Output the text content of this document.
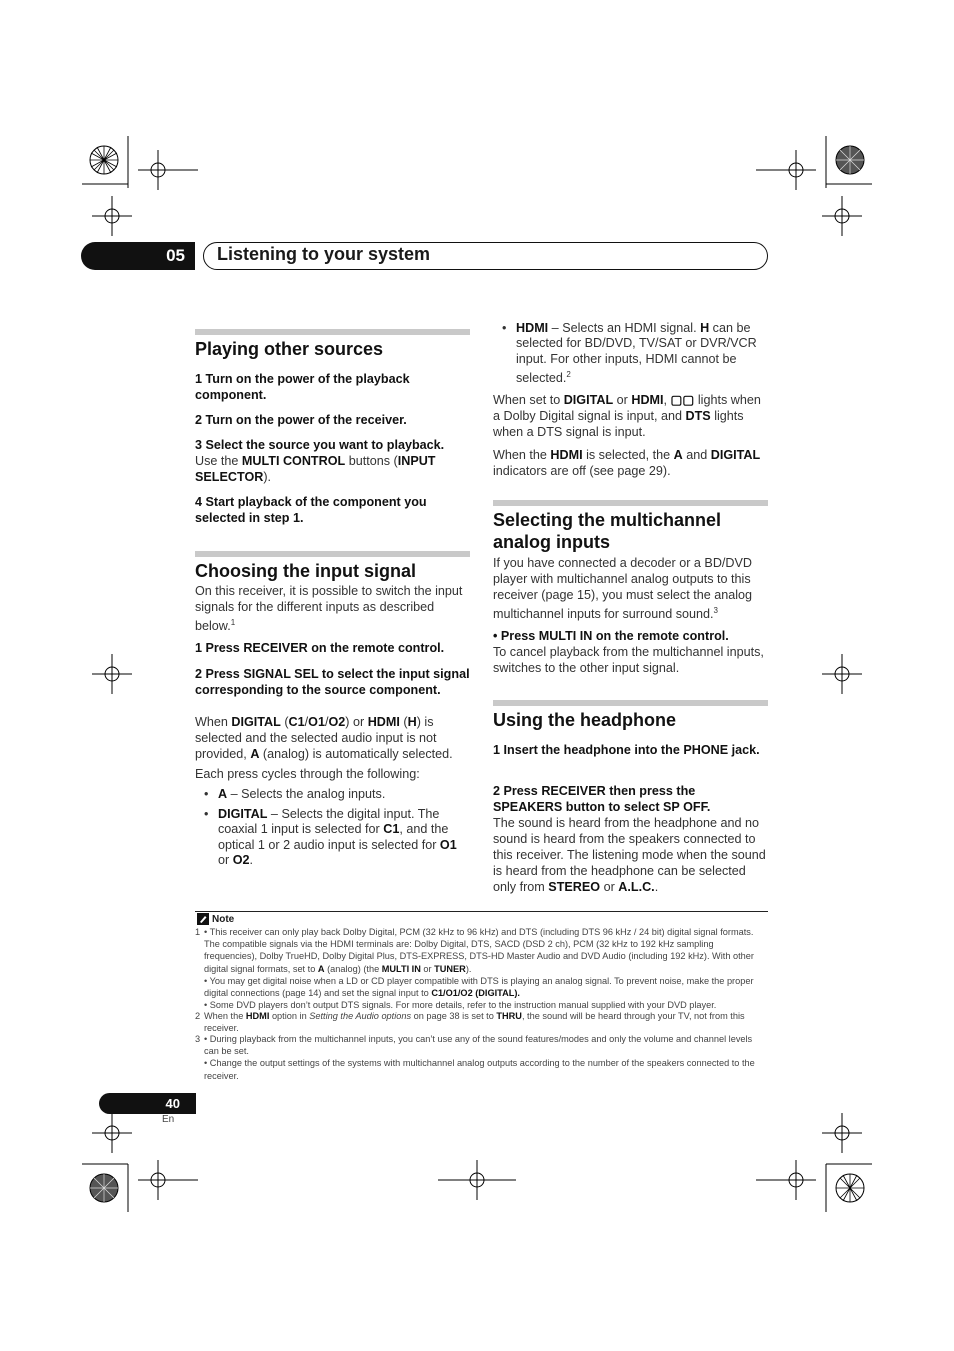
05	Listening to your system
Playing other sources
1 Turn on the power of the playback component.
2 Turn on the power of the receiver.
3 Select the source you want to playback.
Use the MULTI CONTROL buttons (INPUT SELECTOR).
4 Start playback of the component you selected in step 1.
Choosing the input signal
On this receiver, it is possible to switch the input signals for the different inputs as described below.$^1$
1 Press RECEIVER on the remote control.
2 Press SIGNAL SEL to select the input signal corresponding to the source component.
When DIGITAL (C1/O1/O2) or HDMI (H) is selected and the selected audio input is not provided, A (analog) is automatically selected.
Each press cycles through the following:
• A – Selects the analog inputs.
• DIGITAL – Selects the digital input. The coaxial 1 input is selected for C1, and the optical 1 or 2 audio input is selected for O1 or O2.
• HDMI – Selects an HDMI signal. H can be selected for BD/DVD, TV/SAT or DVR/VCR input. For other inputs, HDMI cannot be selected.$^2$
When set to DIGITAL or HDMI, ▢▢ lights when a Dolby Digital signal is input, and DTS lights when a DTS signal is input.
When the HDMI is selected, the A and DIGITAL indicators are off (see page 29).
Selecting the multichannel analog inputs
If you have connected a decoder or a BD/DVD player with multichannel analog outputs to this receiver (page 15), you must select the analog multichannel inputs for surround sound.$^3$
• Press MULTI IN on the remote control.
To cancel playback from the multichannel inputs, switches to the other input signal.
Using the headphone
1 Insert the headphone into the PHONE jack.
2 Press RECEIVER then press the SPEAKERS button to select SP OFF.
The sound is heard from the headphone and no sound is heard from the speakers connected to this receiver. The listening mode when the sound is heard from the headphone can be selected only from STEREO or A.L.C..
Note
1 • This receiver can only play back Dolby Digital, PCM (32 kHz to 96 kHz) and DTS (including DTS 96 kHz / 24 bit) digital signal formats. The compatible signals via the HDMI terminals are: Dolby Digital, DTS, SACD (DSD 2 ch), PCM (32 kHz to 192 kHz sampling frequencies), Dolby TrueHD, Dolby Digital Plus, DTS-EXPRESS, DTS-HD Master Audio and DVD Audio (including 192 kHz). With other digital signal formats, set to A (analog) (the MULTI IN or TUNER).
• You may get digital noise when a LD or CD player compatible with DTS is playing an analog signal. To prevent noise, make the proper digital connections (page 14) and set the signal input to C1/O1/O2 (DIGITAL).
• Some DVD players don’t output DTS signals. For more details, refer to the instruction manual supplied with your DVD player.
2 When the HDMI option in Setting the Audio options on page 38 is set to THRU, the sound will be heard through your TV, not from this receiver.
3 • During playback from the multichannel inputs, you can’t use any of the sound features/modes and only the volume and channel levels can be set.
• Change the output settings of the systems with multichannel analog outputs according to the number of the speakers connected to the receiver.
40
En
